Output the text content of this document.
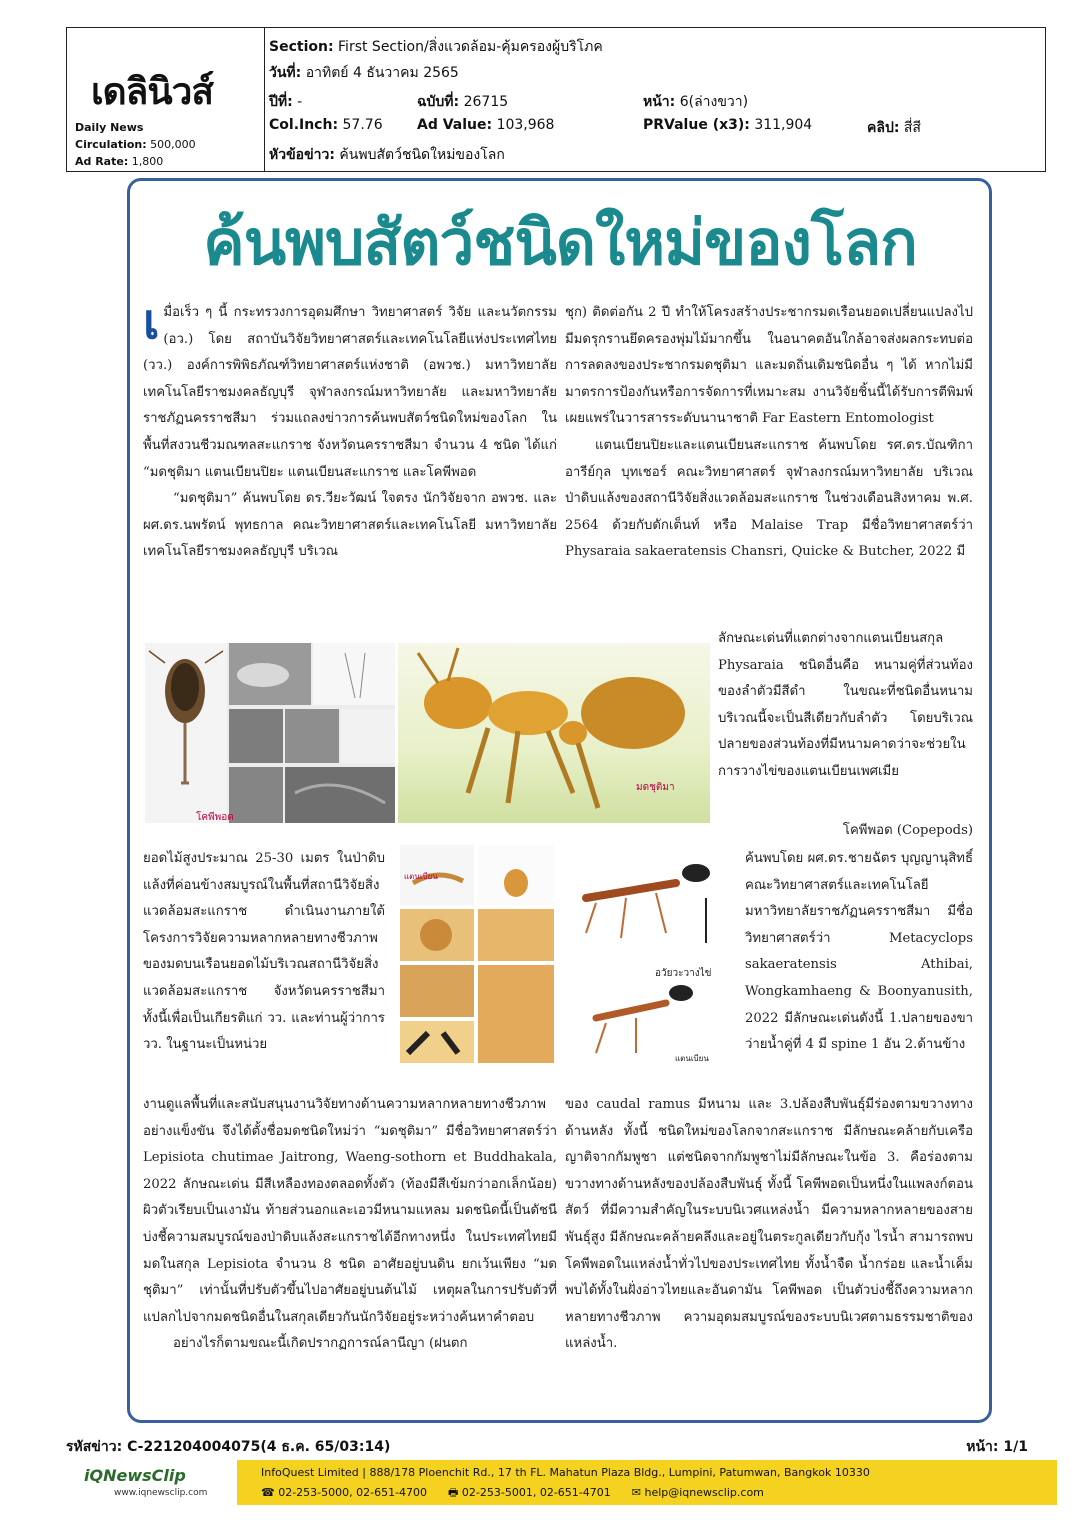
เดลินิวส์
Daily News
Circulation: 500,000
Ad Rate: 1,800
Section: First Section/สิ่งแวดล้อม-คุ้มครองผู้บริโภค
วันที่: อาทิตย์ 4 ธันวาคม 2565
ปีที่: -	ฉบับที่: 26715	หน้า: 6(ล่างขวา)
Col.Inch: 57.76 Ad Value: 103,968	PRValue (x3): 311,904	คลิป: สี่สี
หัวข้อข่าว: ค้นพบสัตว์ชนิดใหม่ของโลก
ค้นพบสัตว์ชนิดใหม่ของโลก

เมื่อเร็ว ๆ นี้ กระทรวงการอุดมศึกษา วิทยาศาสตร์ วิจัย และนวัตกรรม (อว.) โดย สถาบันวิจัยวิทยาศาสตร์และเทคโนโลยีแห่งประเทศไทย (วว.) องค์การพิพิธภัณฑ์วิทยาศาสตร์แห่งชาติ (อพวช.) มหาวิทยาลัยเทคโนโลยีราชมงคลธัญบุรี จุฬาลงกรณ์มหาวิทยาลัย และมหาวิทยาลัยราชภัฏนครราชสีมา ร่วมแถลงข่าวการค้นพบสัตว์ชนิดใหม่ของโลก ในพื้นที่สงวนชีวมณฑลสะแกราช จังหวัดนครราชสีมา จำนวน 4 ชนิด ได้แก่ “มดชุติมา แตนเบียนปิยะ แตนเบียนสะแกราช และโคพีพอด

“มดชุติมา” ค้นพบโดย ดร.วียะวัฒน์ ใจตรง นักวิจัยจาก อพวช. และ ผศ.ดร.นพรัตน์ พุทธกาล คณะวิทยาศาสตร์และเทคโนโลยี มหาวิทยาลัยเทคโนโลยีราชมงคลธัญบุรี บริเวณ

ชุก) ติดต่อกัน 2 ปี ทำให้โครงสร้างประชากรมดเรือนยอดเปลี่ยนแปลงไป มีมดรุกรานยึดครองพุ่มไม้มากขึ้น ในอนาคตอันใกล้อาจส่งผลกระทบต่อการลดลงของประชากรมดชุติมา และมดถิ่นเดิมชนิดอื่น ๆ ได้ หากไม่มีมาตรการป้องกันหรือการจัดการที่เหมาะสม งานวิจัยชิ้นนี้ได้รับการตีพิมพ์เผยแพร่ในวารสารระดับนานาชาติ Far Eastern Entomologist

แตนเบียนปิยะและแตนเบียนสะแกราช ค้นพบโดย รศ.ดร.บัณฑิกา อารีย์กุล บุทเชอร์ คณะวิทยาศาสตร์ จุฬาลงกรณ์มหาวิทยาลัย บริเวณป่าดิบแล้งของสถานีวิจัยสิ่งแวดล้อมสะแกราช ในช่วงเดือนสิงหาคม พ.ศ. 2564 ด้วยกับดักเต็นท์ หรือ Malaise Trap มีชื่อวิทยาศาสตร์ว่า Physaraia sakaeratensis Chansri, Quicke & Butcher, 2022 มี

ลักษณะเด่นที่แตกต่างจากแตนเบียนสกุล Physaraia ชนิดอื่นคือ หนามคู่ที่ส่วนท้องของลำตัวมีสีดำ ในขณะที่ชนิดอื่นหนามบริเวณนี้จะเป็นสีเดียวกับลำตัว โดยบริเวณปลายของส่วนท้องที่มีหนามคาดว่าจะช่วยในการวางไข่ของแตนเบียนเพศเมีย

โคพีพอด (Copepods)

ค้นพบโดย ผศ.ดร.ชายฉัตร บุญญานุสิทธิ์ คณะวิทยาศาสตร์และเทคโนโลยี มหาวิทยาลัยราชภัฏนครราชสีมา มีชื่อวิทยาศาสตร์ว่า Metacyclops sakaeratensis Athibai, Wongkamhaeng & Boonyanusith, 2022 มีลักษณะเด่นดังนี้ 1.ปลายของขาว่ายน้ำคู่ที่ 4 มี spine 1 อัน 2.ด้านข้าง

ยอดไม้สูงประมาณ 25-30 เมตร ในป่าดิบแล้งที่ค่อนข้างสมบูรณ์ในพื้นที่สถานีวิจัยสิ่งแวดล้อมสะแกราช ดำเนินงานภายใต้โครงการวิจัยความหลากหลายทางชีวภาพของมดบนเรือนยอดไม้บริเวณสถานีวิจัยสิ่งแวดล้อมสะแกราช จังหวัดนครราชสีมา ทั้งนี้เพื่อเป็นเกียรติแก่ วว. และท่านผู้ว่าการ วว. ในฐานะเป็นหน่วย

งานดูแลพื้นที่และสนับสนุนงานวิจัยทางด้านความหลากหลายทางชีวภาพอย่างแข็งขัน จึงได้ตั้งชื่อมดชนิดใหม่ว่า “มดชุติมา” มีชื่อวิทยาศาสตร์ว่า Lepisiota chutimae Jaitrong, Waeng-sothorn et Buddhakala, 2022 ลักษณะเด่น มีสีเหลืองทองตลอดทั้งตัว (ท้องมีสีเข้มกว่าอกเล็กน้อย) ผิวตัวเรียบเป็นเงามัน ท้ายส่วนอกและเอวมีหนามแหลม มดชนิดนี้เป็นดัชนีบ่งชี้ความสมบูรณ์ของป่าดิบแล้งสะแกราชได้อีกทางหนึ่ง ในประเทศไทยมีมดในสกุล Lepisiota จำนวน 8 ชนิด อาศัยอยู่บนดิน ยกเว้นเพียง “มดชุติมา” เท่านั้นที่ปรับตัวขึ้นไปอาศัยอยู่บนต้นไม้ เหตุผลในการปรับตัวที่แปลกไปจากมดชนิดอื่นในสกุลเดียวกันนักวิจัยอยู่ระหว่างค้นหาคำตอบ

อย่างไรก็ตามขณะนี้เกิดปรากฏการณ์ลานีญา (ฝนตก

ของ caudal ramus มีหนาม และ 3.ปล้องสืบพันธุ์มีร่องตามขวางทางด้านหลัง ทั้งนี้ ชนิดใหม่ของโลกจากสะแกราช มีลักษณะคล้ายกับเครือญาติจากกัมพูชา แต่ชนิดจากกัมพูชาไม่มีลักษณะในข้อ 3. คือร่องตามขวางทางด้านหลังของปล้องสืบพันธุ์ ทั้งนี้ โคพีพอดเป็นหนึ่งในแพลงก์ตอนสัตว์ ที่มีความสำคัญในระบบนิเวศแหล่งน้ำ มีความหลากหลายของสายพันธุ์สูง มีลักษณะคล้ายคลึงและอยู่ในตระกูลเดียวกับกุ้ง ไรน้ำ สามารถพบโคพีพอดในแหล่งน้ำทั่วไปของประเทศไทย ทั้งน้ำจืด น้ำกร่อย และน้ำเค็ม พบได้ทั้งในฝั่งอ่าวไทยและอันดามัน โคพีพอด เป็นตัวบ่งชี้ถึงความหลากหลายทางชีวภาพ ความอุดมสมบูรณ์ของระบบนิเวศตามธรรมชาติของแหล่งน้ำ.

โคพีพอด
มดชุติมา
แตนเบียน
อวัยวะวางไข่
แตนเบียน
รหัสข่าว: C-221204004075(4 ธ.ค. 65/03:14)	หน้า: 1/1
iQNewsClip
www.iqnewsclip.com
InfoQuest Limited | 888/178 Ploenchit Rd., 17 th FL. Mahatun Plaza Bldg., Lumpini, Patumwan, Bangkok 10330
☎ 02-253-5000, 02-651-4700 🖶 02-253-5001, 02-651-4701 ✉ help@iqnewsclip.com
